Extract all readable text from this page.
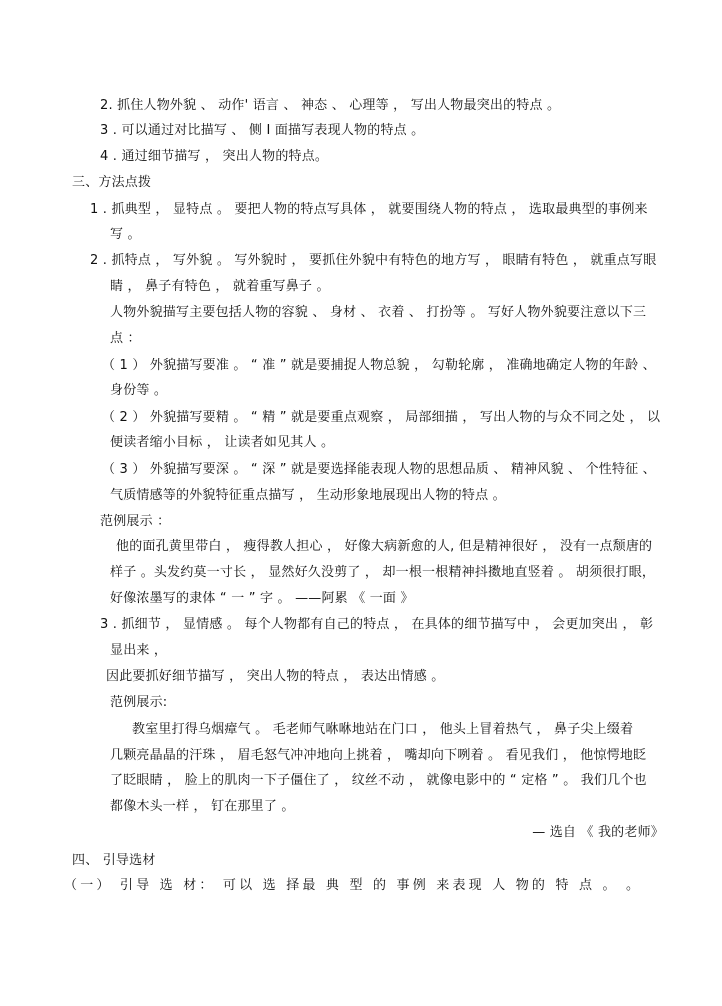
2. 抓住人物外貌 、 动作' 语言 、 神态 、 心理等 ， 写出人物最突出的特点 。
3 . 可以通过对比描写 、 侧 I 面描写表现人物的特点 。
4 . 通过细节描写 ， 突出人物的特点。
三、方法点拨
1 . 抓典型 ， 显特点 。 要把人物的特点写具体 ， 就要围绕人物的特点 ， 选取最典型的事例来
写 。
2 . 抓特点 ， 写外貌 。 写外貌时 ， 要抓住外貌中有特色的地方写 ， 眼睛有特色 ， 就重点写眼
睛 ， 鼻子有特色 ， 就着重写鼻子 。
人物外貌描写主要包括人物的容貌 、 身材 、 衣着 、 打扮等 。 写好人物外貌要注意以下三
点 ：
（ 1 ） 外貌描写要准 。 “ 准 ” 就是要捕捉人物总貌 ， 勾勒轮廓 ， 准确地确定人物的年龄 、
身份等 。
（ 2 ） 外貌描写要精 。 “ 精 ” 就是要重点观察 ， 局部细描 ， 写出人物的与众不同之处 ， 以
便读者缩小目标 ， 让读者如见其人 。
（ 3 ） 外貌描写要深 。 “ 深 ” 就是要选择能表现人物的思想品质 、 精神风貌 、 个性特征 、
气质情感等的外貌特征重点描写 ， 生动形象地展现出人物的特点 。
范例展示 ：
他的面孔黄里带白 ， 瘦得教人担心 ， 好像大病新愈的人, 但是精神很好 ， 没有一点颓唐的
样子 。头发约莫一寸长 ， 显然好久没剪了 ， 却一根一根精神抖擞地直竖着 。 胡须很打眼，
好像浓墨写的隶体 “ 一 ” 字 。 ——阿累 《 一面 》
3 . 抓细节 ， 显情感 。 每个人物都有自己的特点 ， 在具体的细节描写中 ， 会更加突出 ， 彰
显出来 ，
因此要抓好细节描写 ， 突出人物的特点 ， 表达出情感 。
范例展示:
教室里打得乌烟瘴气 。 毛老师气咻咻地站在门口 ， 他头上冒着热气 ， 鼻子尖上缀着
几颗亮晶晶的汗珠 ， 眉毛怒气冲冲地向上挑着 ， 嘴却向下咧着 。 看见我们 ， 他惊愕地眨
了眨眼睛 ， 脸上的肌肉一下子僵住了 ， 纹丝不动 ， 就像电影中的 “ 定格 ” 。 我们几个也
都像木头一样 ， 钉在那里了 。
— 选自 《 我的老师》
四、 引导选材
（一） 引导 选 材： 可以 选 择最 典 型 的 事例 来表现 人 物的 特 点 。 。
